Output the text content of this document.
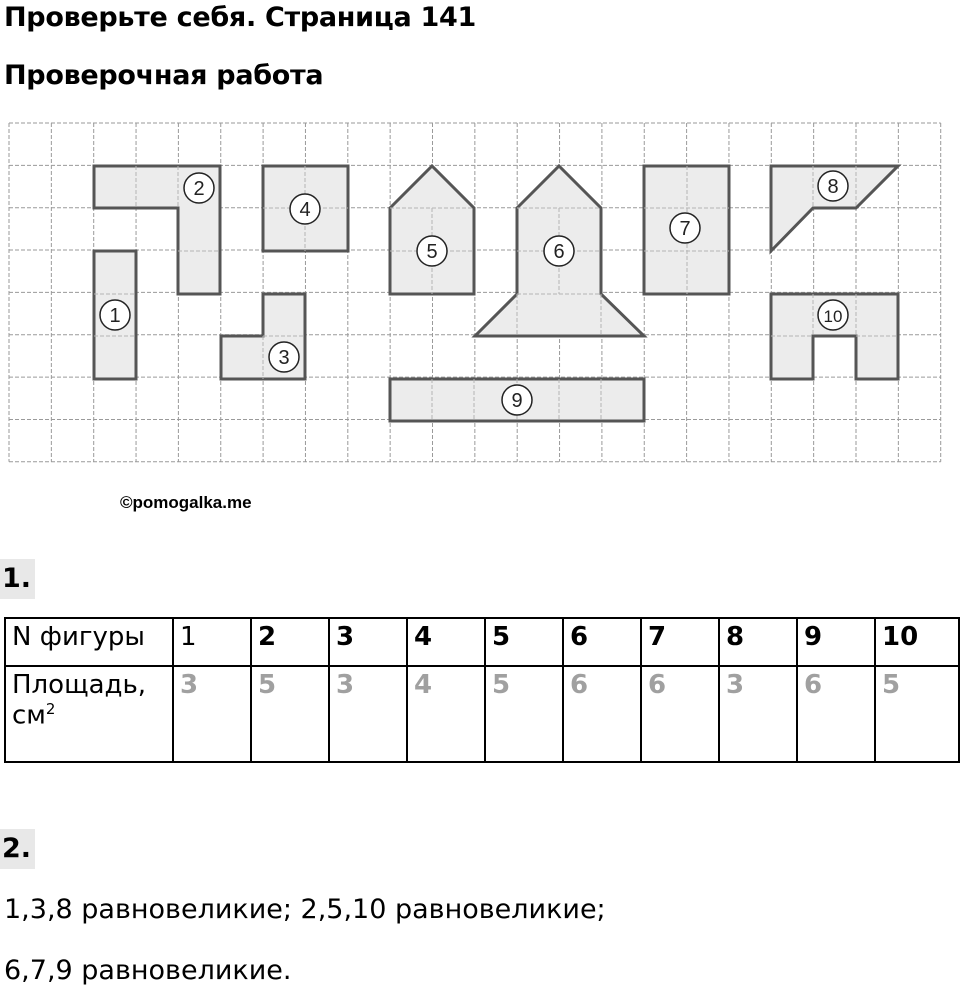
Проверьте себя. Страница 141
Проверочная работа
1
2
3
4
5	6
7
8
9
10
©pomogalka.me
1.
N фигуры	1	2	3	4	5	6	7	8	9	10

Площадь,
$см^2$	3	5	3	4	5	6	6	3	6	5
2.
1,3,8 равновеликие; 2,5,10 равновеликие;
6,7,9 равновеликие.
